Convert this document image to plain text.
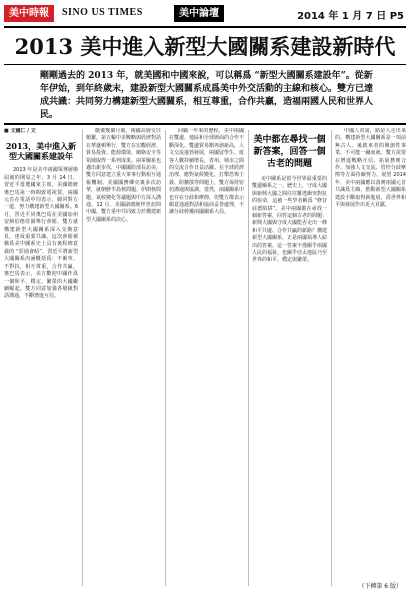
美中時報	SINO US TIMES	美中論壇	2014 年 1 月 7 日 P5
2013 美中進入新型大國關系建設新時代
剛剛過去的 2013 年，就美國和中國來說，可以稱爲 “新型大國關系建設年”。從新年伊始，到年終歲末，建設新型大國關系成爲美中外交活動的主線和核心。雙方已達成共識：共同努力構建新型大國關系，相互尊重，合作共贏，造福兩國人民和世界人民。
■ 文國仁 / 文
2013，美中進入新型大國關系建設年

2013 年是美中兩國領導層換屆後的開局之年。3 月 14 日，習近平當選國家主席，美國總統奧巴馬第一時間致電祝賀。兩國元首在電話中均表示，願同對方一道，努力構建新型大國關系。6 月，習近平同奧巴馬在美國加州安納伯格莊園舉行會晤，雙方就構建新型大國關系深入交換意見，達成重要共識，這次會晤被稱爲美中關系史上具有裏程碑意義的 “莊園會晤”。習近平將新型大國關系內涵概括爲：不衝突、不對抗，相互尊重，合作共贏。奧巴馬表示，美方歡迎中國作爲一個和平、穩定、繁榮的大國繼續崛起。雙方同意加強各層級對話溝通，不斷增進互信。

隨後幾個月裏，兩國高層交往頻繁。第五輪中美戰略與經濟對話在華盛頓舉行，雙方在宏觀經濟、貿易投資、能源環境、網絡安全等領域取得一系列成果。兩軍關系也邁出新步伐，中國國防部長訪美，雙方同意建立重大軍事行動相互通報機制。美國國務卿克裏多次訪華，就朝鮮半島核問題、伊朗核問題、氣候變化等議題與中方深入溝通。12 月，美國副總統拜登訪問中國，雙方重申共同致力於構建新型大國關系的決心。

回顧一年來的歷程，美中兩國在雙邊、地區和全球層面的合作不斷深化。雙邊貿易額再創新高，人文交流蓬勃發展，兩國留學生、遊客人數持續增長，省州、城市之間的交流合作日益活躍。在全球經濟治理、應對氣候變化、打擊恐怖主義、防擴散等問題上，雙方保持密切溝通與協調。當然，兩國關系中也存在分歧和摩擦，但雙方都表示願意通過對話和協商妥善處理，不讓分歧幹擾兩國關系大局。

美中都在尋找一個新答案，回答一個古老的問題

美中關系是當今世界最重要的雙邊關系之一。歷史上，守成大國與新興大國之間往往難逃衝突對抗的宿命，這被一些學者稱爲 “修昔底德陷阱”。美中兩國都在尋找一個新答案，回答這個古老的問題：新興大國與守成大國能否走出一條和平共處、合作共贏的新路？構建新型大國關系，正是兩國領導人給出的答案。這一答案不僅關乎兩國人民的福祉，也關乎亞太地區乃至世界的和平、穩定與繁榮。

中國人常說，路是人走出來的。構建新型大國關系是一項前無古人、後啟來者的開創性事業，不可能一蹴而就。雙方需要在增進戰略互信、拓展務實合作、加強人文交流、管控分歧摩擦等方面持續努力。展望 2014 年，美中兩國應以落實兩國元首共識爲主線，推動新型大國關系建設不斷取得新進展，爲世界和平與發展作出更大貢獻。

（下轉第 6 版）
